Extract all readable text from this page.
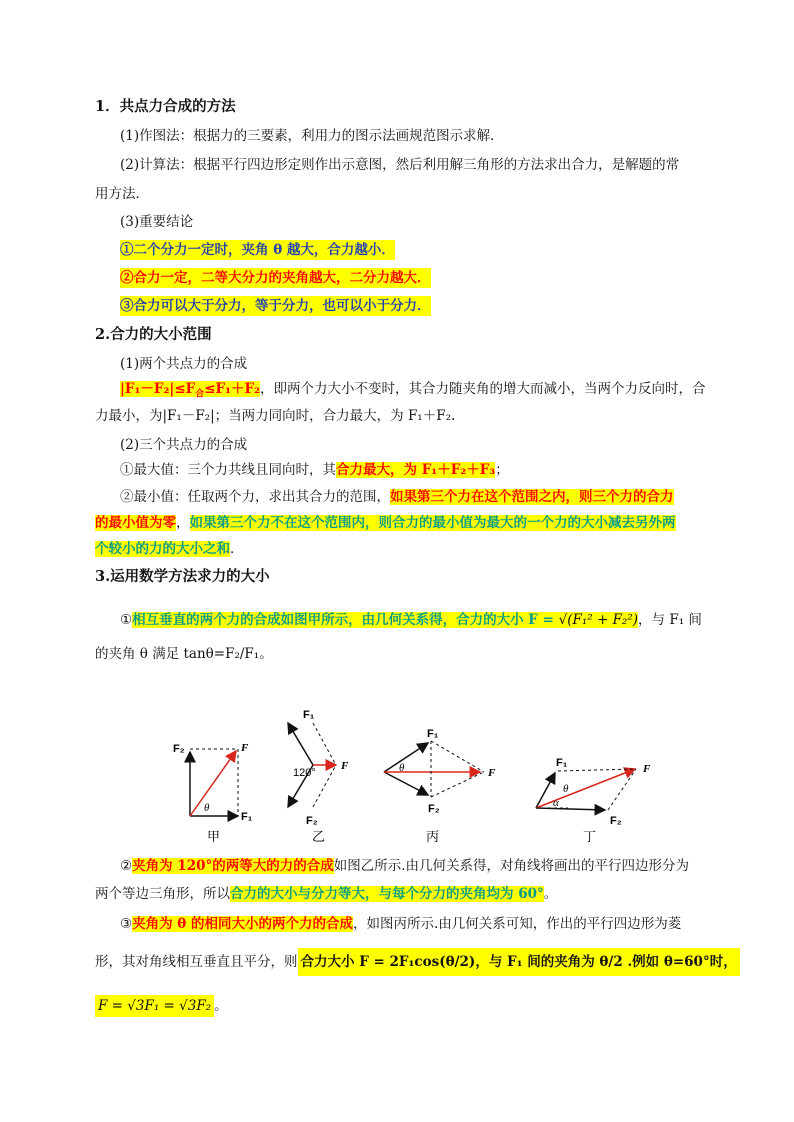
1．共点力合成的方法
(1)作图法：根据力的三要素，利用力的图示法画规范图示求解．
(2)计算法：根据平行四边形定则作出示意图，然后利用解三角形的方法求出合力，是解题的常
用方法．
(3)重要结论
①二个分力一定时，夹角 θ 越大，合力越小．
②合力一定，二等大分力的夹角越大，二分力越大．
③合力可以大于分力，等于分力，也可以小于分力．
2.合力的大小范围
(1)两个共点力的合成
$|F_1-F_2|\le F_合\le F_1+F_2$，即两个力大小不变时，其合力随夹角的增大而减小，当两个力反向时，合
力最小，为|F₁－F₂|；当两力同向时，合力最大，为 F₁＋F₂.
(2)三个共点力的合成
①最大值：三个力共线且同向时，其合力最大，为 F₁＋F₂＋F₃；
②最小值：任取两个力，求出其合力的范围，如果第三个力在这个范围之内，则三个力的合力
的最小值为零，如果第三个力不在这个范围内，则合力的最小值为最大的一个力的大小减去另外两
个较小的力的大小之和．
3.运用数学方法求力的大小
①相互垂直的两个力的合成如图甲所示，由几何关系得，合力的大小 F = √(F₁² + F₂²)，与 F₁ 间
的夹角 θ 满足 tanθ=F₂/F₁。
F₂	F
F₁
θ
甲
F₁
F
F₂
120°
乙
F₁
F
F₂
θ
丙
F₁	F
F₂
θ
α
丁
②夹角为 120°的两等大的力的合成如图乙所示.由几何关系得，对角线将画出的平行四边形分为
两个等边三角形，所以合力的大小与分力等大，与每个分力的夹角均为 60°。
③夹角为 θ 的相同大小的两个力的合成，如图丙所示.由几何关系可知，作出的平行四边形为菱
形，其对角线相互垂直且平分，则 合力大小 F = 2F₁cos(θ/2)，与 F₁ 间的夹角为 θ/2 .例如 θ=60°时，
F = √3F₁ = √3F₂ 。
